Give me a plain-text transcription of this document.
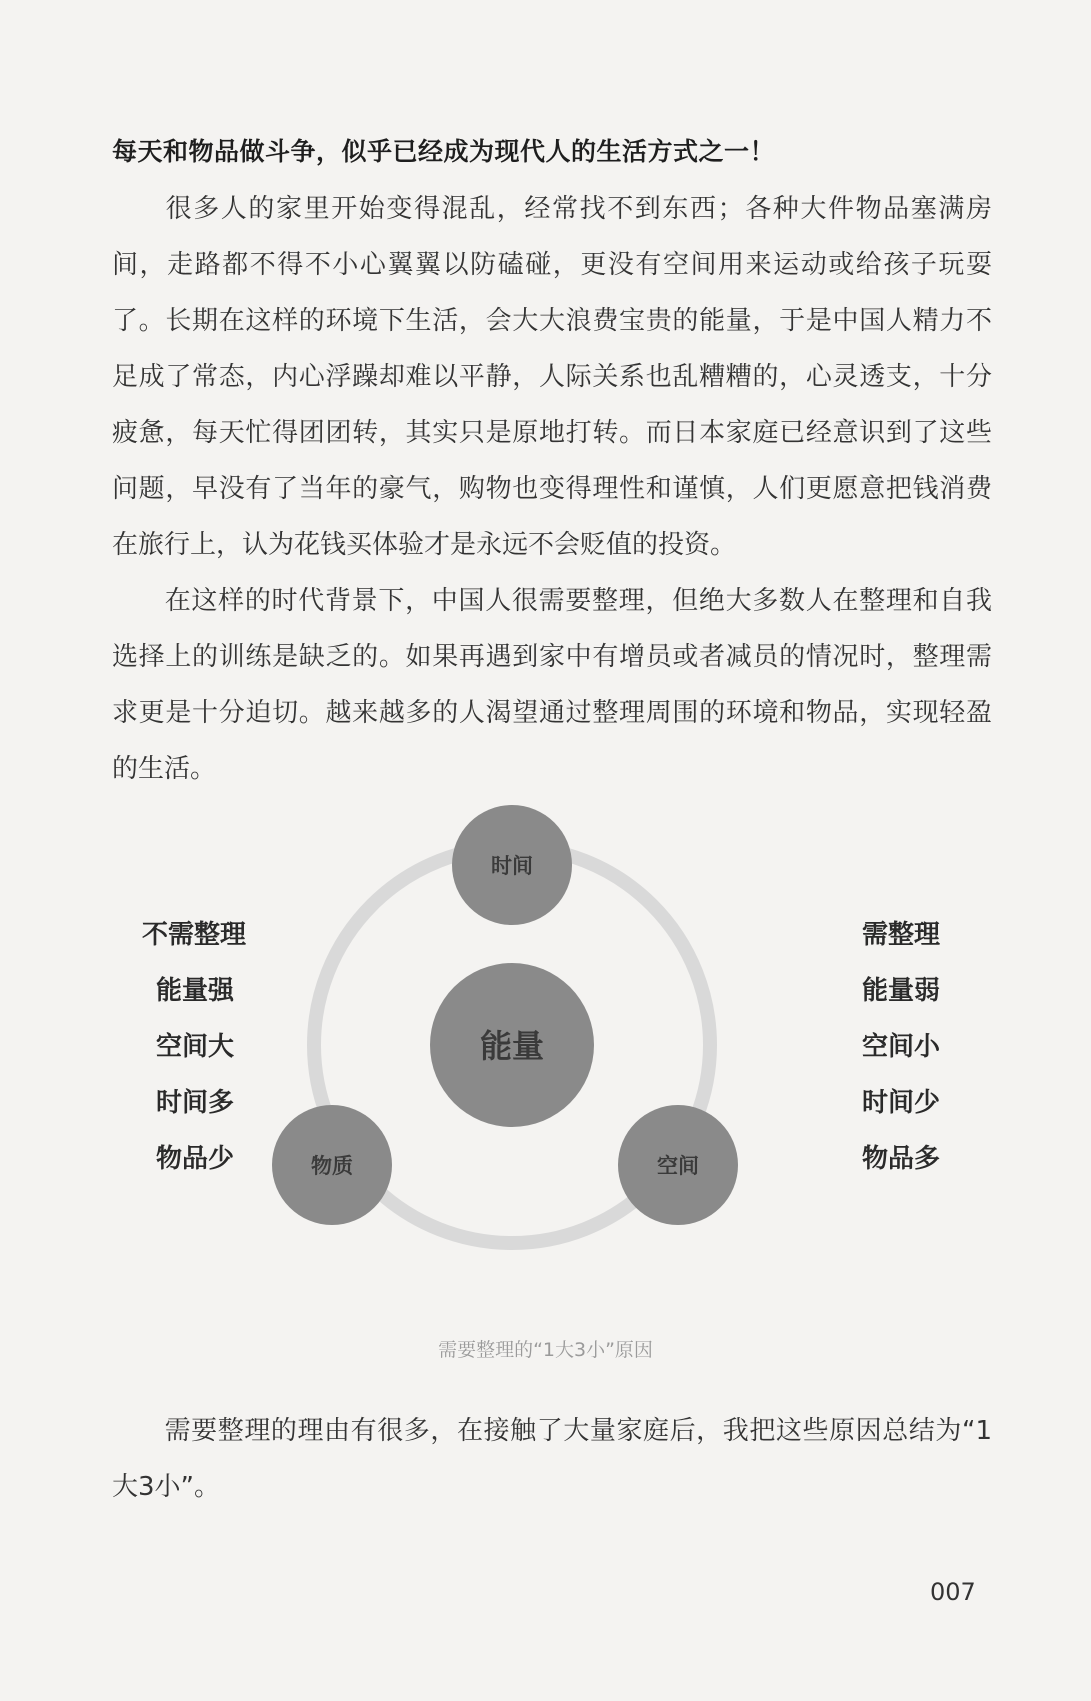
每天和物品做斗争，似乎已经成为现代人的生活方式之一！

很多人的家里开始变得混乱，经常找不到东西；各种大件物品塞满房间，走路都不得不小心翼翼以防磕碰，更没有空间用来运动或给孩子玩耍了。长期在这样的环境下生活，会大大浪费宝贵的能量，于是中国人精力不足成了常态，内心浮躁却难以平静，人际关系也乱糟糟的，心灵透支，十分疲惫，每天忙得团团转，其实只是原地打转。而日本家庭已经意识到了这些问题，早没有了当年的豪气，购物也变得理性和谨慎，人们更愿意把钱消费在旅行上，认为花钱买体验才是永远不会贬值的投资。

在这样的时代背景下，中国人很需要整理，但绝大多数人在整理和自我选择上的训练是缺乏的。如果再遇到家中有增员或者减员的情况时，整理需求更是十分迫切。越来越多的人渴望通过整理周围的环境和物品，实现轻盈的生活。

能量
时间
物质	空间
不需整理
能量强
空间大
时间多
物品少
需整理
能量弱
空间小
时间少
物品多
需要整理的“1大3小”原因

需要整理的理由有很多，在接触了大量家庭后，我把这些原因总结为“1大3小”。

007
